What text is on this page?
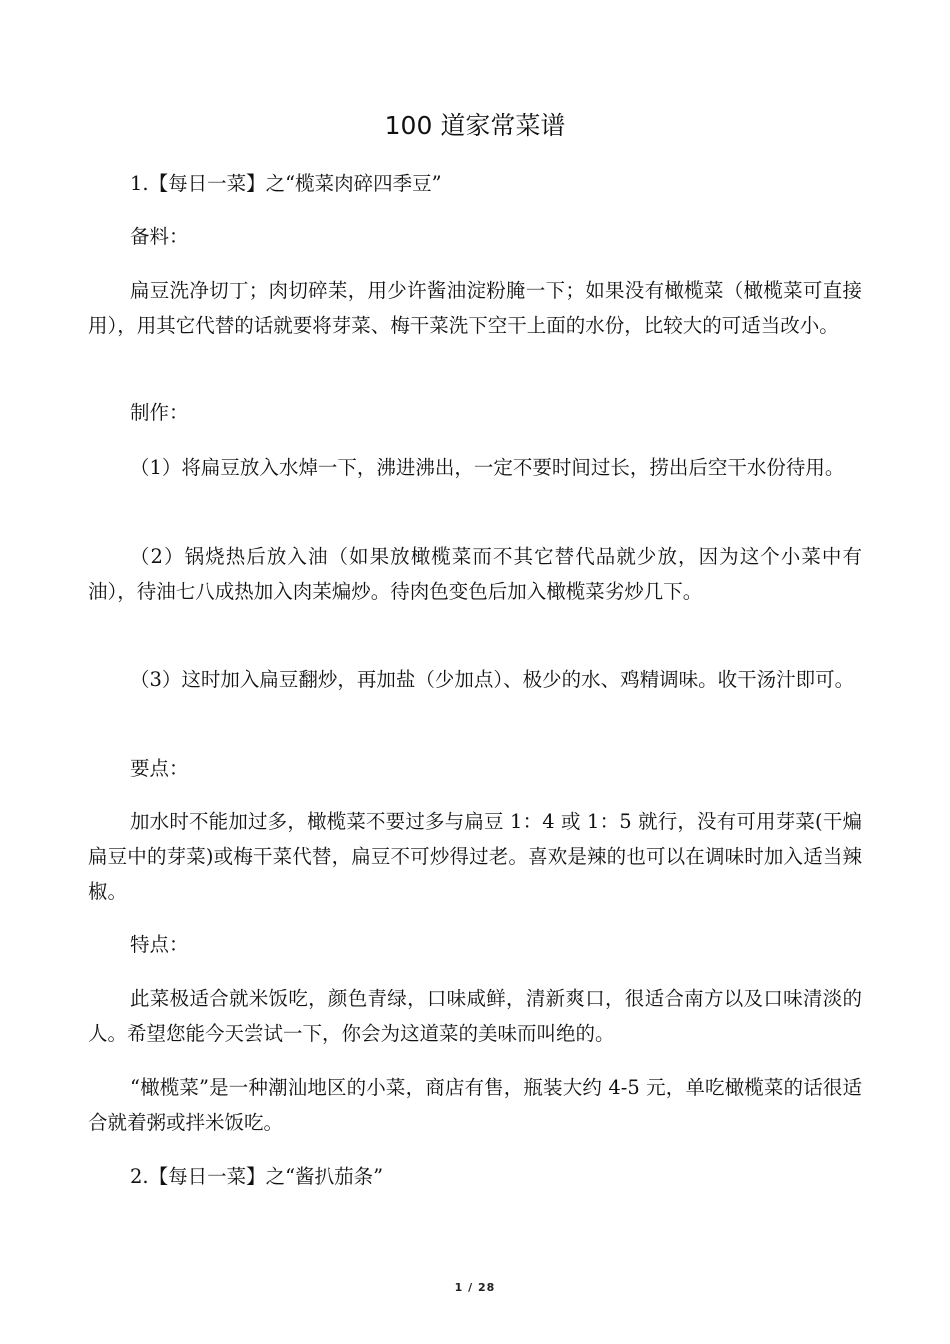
100 道家常菜谱

1.【每日一菜】之“榄菜肉碎四季豆”

备料：

扁豆洗净切丁；肉切碎苿，用少许酱油淀粉腌一下；如果没有橄榄菜（橄榄菜可直接用），用其它代替的话就要将芽菜、梅干菜洗下空干上面的水份，比较大的可适当改小。

制作：

（1）将扁豆放入水焯一下，沸进沸出，一定不要时间过长，捞出后空干水份待用。

（2）锅烧热后放入油（如果放橄榄菜而不其它替代品就少放，因为这个小菜中有油），待油七八成热加入肉苿煸炒。待肉色变色后加入橄榄菜劣炒几下。

（3）这时加入扁豆翻炒，再加盐（少加点）、极少的水、鸡精调味。收干汤汁即可。

要点：

加水时不能加过多，橄榄菜不要过多与扁豆 1：4 或 1：5 就行，没有可用芽菜(干煸扁豆中的芽菜)或梅干菜代替，扁豆不可炒得过老。喜欢是辣的也可以在调味时加入适当辣椒。

特点：

此菜极适合就米饭吃，颜色青绿，口味咸鲜，清新爽口，很适合南方以及口味清淡的人。希望您能今天尝试一下，你会为这道菜的美味而叫绝的。

“橄榄菜”是一种潮汕地区的小菜，商店有售，瓶装大约 4-5 元，单吃橄榄菜的话很适合就着粥或拌米饭吃。

2.【每日一菜】之“酱扒茄条”

1 / 28
